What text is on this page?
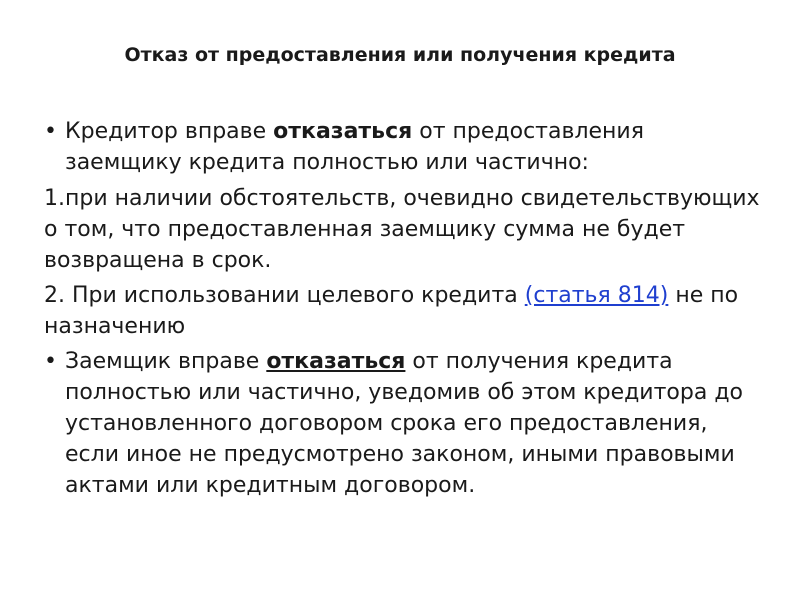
Отказ от предоставления или получения кредита
• Кредитор вправе отказаться от предоставления заемщику кредита полностью или частично:
1.при наличии обстоятельств, очевидно свидетельствующих о том, что предоставленная заемщику сумма не будет возвращена в срок.
2. При использовании целевого кредита (статья 814) не по назначению
• Заемщик вправе отказаться от получения кредита полностью или частично, уведомив об этом кредитора до установленного договором срока его предоставления, если иное не предусмотрено законом, иными правовыми актами или кредитным договором.
